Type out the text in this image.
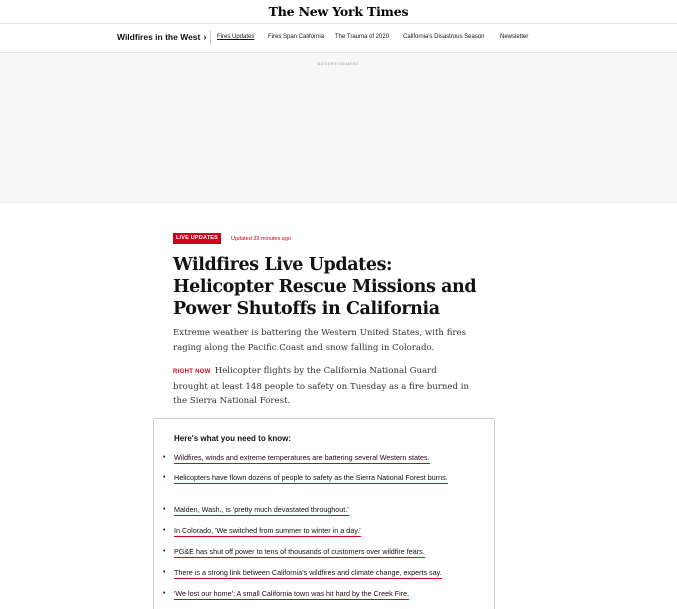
The New York Times
Wildfires in the West › Fires Updates Fires Span California The Trauma of 2020 California's Disastrous Season	Newsletter
ADVERTISEMENT
LIVE UPDATES	Updated 33 minutes ago
Wildfires Live Updates: Helicopter Rescue Missions and Power Shutoffs in California

Extreme weather is battering the Western United States, with fires raging along the Pacific Coast and snow falling in Colorado.

RIGHT NOW Helicopter flights by the California National Guard brought at least 148 people to safety on Tuesday as a fire burned in the Sierra National Forest.

Here's what you need to know:
• Wildfires, winds and extreme temperatures are battering several Western states.
• Helicopters have flown dozens of people to safety as the Sierra National Forest burns.
• Malden, Wash., is 'pretty much devastated throughout.'
• In Colorado, 'We switched from summer to winter in a day.'
• PG&E has shut off power to tens of thousands of customers over wildfire fears.
• There is a strong link between California's wildfires and climate change, experts say.
• 'We lost our home': A small California town was hit hard by the Creek Fire.
